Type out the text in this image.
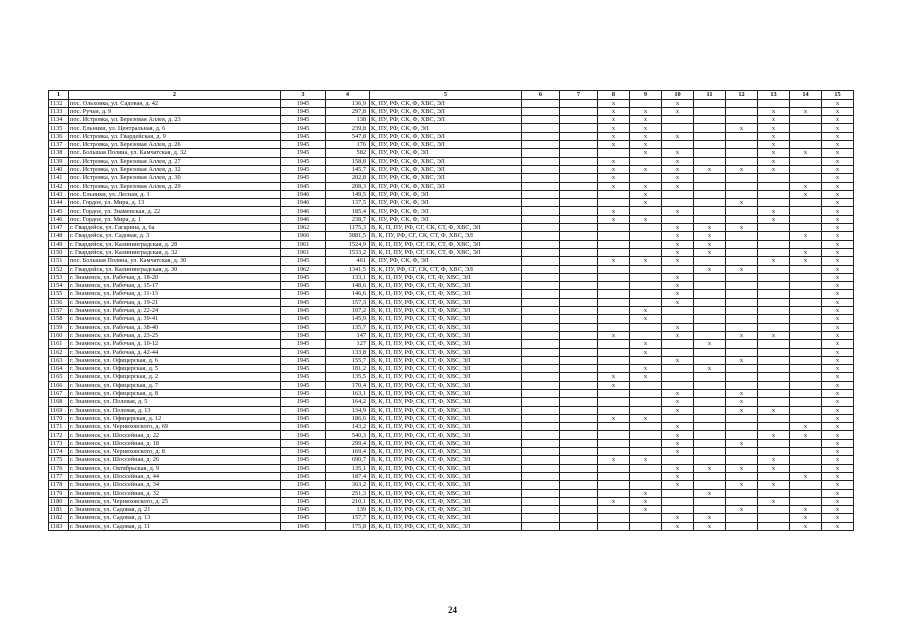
1	2	3	4	5	6	7	8	9	10	11	12	13	14	15
1132	пос. Ольховка, ул. Садовая, д. 42	1945	136,9	К, ПУ, РФ, СК, Ф, ХВС, ЭЛ			x		x					x
1133	пос. Ручьи, д. 9	1945	297,8	К, ПУ, РФ, СК, Ф, ХВС, ЭЛ			x	x	x			x	x	x
1134	пос. Истровка, ул. Березовая Аллея, д. 23	1945	138	К, ПУ, РФ, СК, Ф, ХВС, ЭЛ			x	x				x		x
1135	пос. Ельники, ул. Центральная, д. 6	1945	239,8	К, ПУ, РФ, СК, Ф, ЭЛ			x	x			x	x		x
1136	пос. Истровка, ул. Гвардейская, д. 9	1945	547,8	К, ПУ, РФ, СК, Ф, ХВС, ЭЛ			x	x	x			x		x
1137	пос. Истровка, ул. Березовая Аллея, д. 26	1945	176	К, ПУ, РФ, СК, Ф, ХВС, ЭЛ			x	x				x		x
1138	пос. Большая Поляна, ул. Камчатская, д. 32	1945	582	К, ПУ, РФ, СК, Ф, ЭЛ				x	x			x	x	x
1139	пос. Истровка, ул. Березовая Аллея, д. 27	1945	158,8	К, ПУ, РФ, СК, Ф, ХВС, ЭЛ			x		x			x		x
1140	пос. Истровка, ул. Березовая Аллея, д. 32	1945	145,7	К, ПУ, РФ, СК, Ф, ХВС, ЭЛ			x	x	x	x	x	x		x
1141	пос. Истровка, ул. Березовая Аллея, д. 30	1945	202,8	К, ПУ, РФ, СК, Ф, ХВС, ЭЛ			x		x					x
1142	пос. Истровка, ул. Березовая Аллея, д. 29	1945	208,3	К, ПУ, РФ, СК, Ф, ХВС, ЭЛ			x	x	x				x	x
1143	пос. Ельники, ул. Лесная, д. 1	1946	149,5	К, ПУ, РФ, СК, Ф, ЭЛ				x					x	x
1144	пос. Гордое, ул. Мира, д. 13	1946	137,5	К, ПУ, РФ, СК, Ф, ЭЛ				x			x			x
1145	пос. Гордое, ул. Знаменская, д. 22	1946	185,4	К, ПУ, РФ, СК, Ф, ЭЛ			x		x			x		x
1146	пос. Гордое, ул. Мира, д. 1	1946	238,7	К, ПУ, РФ, СК, Ф, ЭЛ			x	x				x		x
1147	г. Гвардейск, ул. Гагарина, д. 6а	1962	1175,3	В, К, П, ПУ, РФ, СГ, СК, СТ, Ф, ХВС, ЭЛ					x	x	x			x
1148	г. Гвардейск, ул. Садовая, д. 3	1966	3881,5	В, К, ПУ, РФ, СГ, СК, СТ, Ф, ХВС, ЭЛ					x	x			x	x
1149	г. Гвардейск, ул. Калининградская, д. 28	1961	1524,9	В, К, П, ПУ, РФ, СГ, СК, СТ, Ф, ХВС, ЭЛ					x	x				x
1150	г. Гвардейск, ул. Калининградская, д. 32	1961	1533,2	В, К, П, ПУ, РФ, СГ, СК, СТ, Ф, ХВС, ЭЛ					x	x			x	x
1151	пос. Большая Поляна, ул. Камчатская, д. 30	1945	461	К, ПУ, РФ, СК, Ф, ЭЛ			x	x	x			x	x	x
1152	г. Гвардейск, ул. Калининградская, д. 30	1962	1341,5	В, К, ПУ, РФ, СГ, СК, СТ, Ф, ХВС, ЭЛ						x	x			x
1153	г. Знаменск, ул. Рабочая, д. 18-20	1945	133,1	В, К, П, ПУ, РФ, СК, СТ, Ф, ХВС, ЭЛ					x					x
1154	г. Знаменск, ул. Рабочая, д. 15-17	1945	148,6	В, К, П, ПУ, РФ, СК, СТ, Ф, ХВС, ЭЛ					x					x
1155	г. Знаменск, ул. Рабочая, д. 11-13	1945	146,6	В, К, П, ПУ, РФ, СК, СТ, Ф, ХВС, ЭЛ					x					x
1156	г. Знаменск, ул. Рабочая, д. 19-21	1945	157,3	В, К, П, ПУ, РФ, СК, СТ, Ф, ХВС, ЭЛ					x					x
1157	г. Знаменск, ул. Рабочая, д. 22-24	1945	107,2	В, К, П, ПУ, РФ, СК, СТ, Ф, ХВС, ЭЛ				x						x
1158	г. Знаменск, ул. Рабочая, д. 39-41	1945	145,9	В, К, П, ПУ, РФ, СК, СТ, Ф, ХВС, ЭЛ				x						x
1159	г. Знаменск, ул. Рабочая, д. 38-40	1945	135,7	В, К, П, ПУ, РФ, СК, СТ, Ф, ХВС, ЭЛ					x					x
1160	г. Знаменск, ул. Рабочая, д. 23-25	1945	147	В, К, П, ПУ, РФ, СК, СТ, Ф, ХВС, ЭЛ			x		x		x	x		x
1161	г. Знаменск, ул. Рабочая, д. 10-12	1945	127	В, К, П, ПУ, РФ, СК, СТ, Ф, ХВС, ЭЛ				x		x				x
1162	г. Знаменск, ул. Рабочая, д. 42-44	1945	133,8	В, К, П, ПУ, РФ, СК, СТ, Ф, ХВС, ЭЛ				x						x
1163	г. Знаменск, ул. Офицерская, д. 6	1945	155,7	В, К, П, ПУ, РФ, СК, СТ, Ф, ХВС, ЭЛ					x		x			x
1164	г. Знаменск, ул. Офицерская, д. 5	1945	181,2	В, К, П, ПУ, РФ, СК, СТ, Ф, ХВС, ЭЛ				x		x				x
1165	г. Знаменск, ул. Офицерская, д. 2	1945	135,5	В, К, П, ПУ, РФ, СК, СТ, Ф, ХВС, ЭЛ			x	x						x
1166	г. Знаменск, ул. Офицерская, д. 7	1945	170,4	В, К, П, ПУ, РФ, СК, СТ, Ф, ХВС, ЭЛ			x							x
1167	г. Знаменск, ул. Офицерская, д. 8	1945	163,1	В, К, П, ПУ, РФ, СК, СТ, Ф, ХВС, ЭЛ					x		x			x
1168	г. Знаменск, ул. Полевая, д. 5	1945	164,2	В, К, П, ПУ, РФ, СК, СТ, Ф, ХВС, ЭЛ					x		x			x
1169	г. Знаменск, ул. Полевая, д. 13	1945	134,9	В, К, П, ПУ, РФ, СК, СТ, Ф, ХВС, ЭЛ					x		x	x		x
1170	г. Знаменск, ул. Офицерская, д. 12	1945	186,6	В, К, П, ПУ, РФ, СК, СТ, Ф, ХВС, ЭЛ			x	x						x
1171	г. Знаменск, ул. Черняховского, д. 69	1945	143,2	В, К, П, ПУ, РФ, СК, СТ, Ф, ХВС, ЭЛ					x				x	x
1172	г. Знаменск, ул. Шоссейная, д. 22	1945	540,3	В, К, П, ПУ, РФ, СК, СТ, Ф, ХВС, ЭЛ					x			x	x	x
1173	г. Знаменск, ул. Шоссейная, д. 18	1945	299,4	В, К, П, ПУ, РФ, СК, СТ, Ф, ХВС, ЭЛ					x		x			x
1174	г. Знаменск, ул. Черняховского, д. 8	1945	169,4	В, К, П, ПУ, РФ, СК, СТ, Ф, ХВС, ЭЛ					x					x
1175	г. Знаменск, ул. Шоссейная, д. 26	1945	690,7	В, К, П, ПУ, РФ, СК, СТ, Ф, ХВС, ЭЛ			x	x				x		x
1176	г. Знаменск, ул. Октябрьская, д. 9	1945	135,1	В, К, П, ПУ, РФ, СК, СТ, Ф, ХВС, ЭЛ					x	x	x	x		x
1177	г. Знаменск, ул. Шоссейная, д. 44	1945	187,4	В, К, П, ПУ, РФ, СК, СТ, Ф, ХВС, ЭЛ					x				x	x
1178	г. Знаменск, ул. Шоссейная, д. 34	1945	363,2	В, К, П, ПУ, РФ, СК, СТ, Ф, ХВС, ЭЛ					x		x	x		x
1179	г. Знаменск, ул. Шоссейная, д. 32	1945	251,3	В, К, П, ПУ, РФ, СК, СТ, Ф, ХВС, ЭЛ				x		x				x
1180	г. Знаменск, ул. Черняховского, д. 25	1945	210,1	В, К, П, ПУ, РФ, СК, СТ, Ф, ХВС, ЭЛ			x	x				x		x
1181	г. Знаменск, ул. Садовая, д. 21	1945	139	В, К, П, ПУ, РФ, СК, СТ, Ф, ХВС, ЭЛ				x			x		x	x
1182	г. Знаменск, ул. Садовая, д. 13	1945	157,7	В, К, П, ПУ, РФ, СК, СТ, Ф, ХВС, ЭЛ					x	x			x	x
1183	г. Знаменск, ул. Садовая, д. 11	1945	175,8	В, К, П, ПУ, РФ, СК, СТ, Ф, ХВС, ЭЛ					x	x			x	x
24
